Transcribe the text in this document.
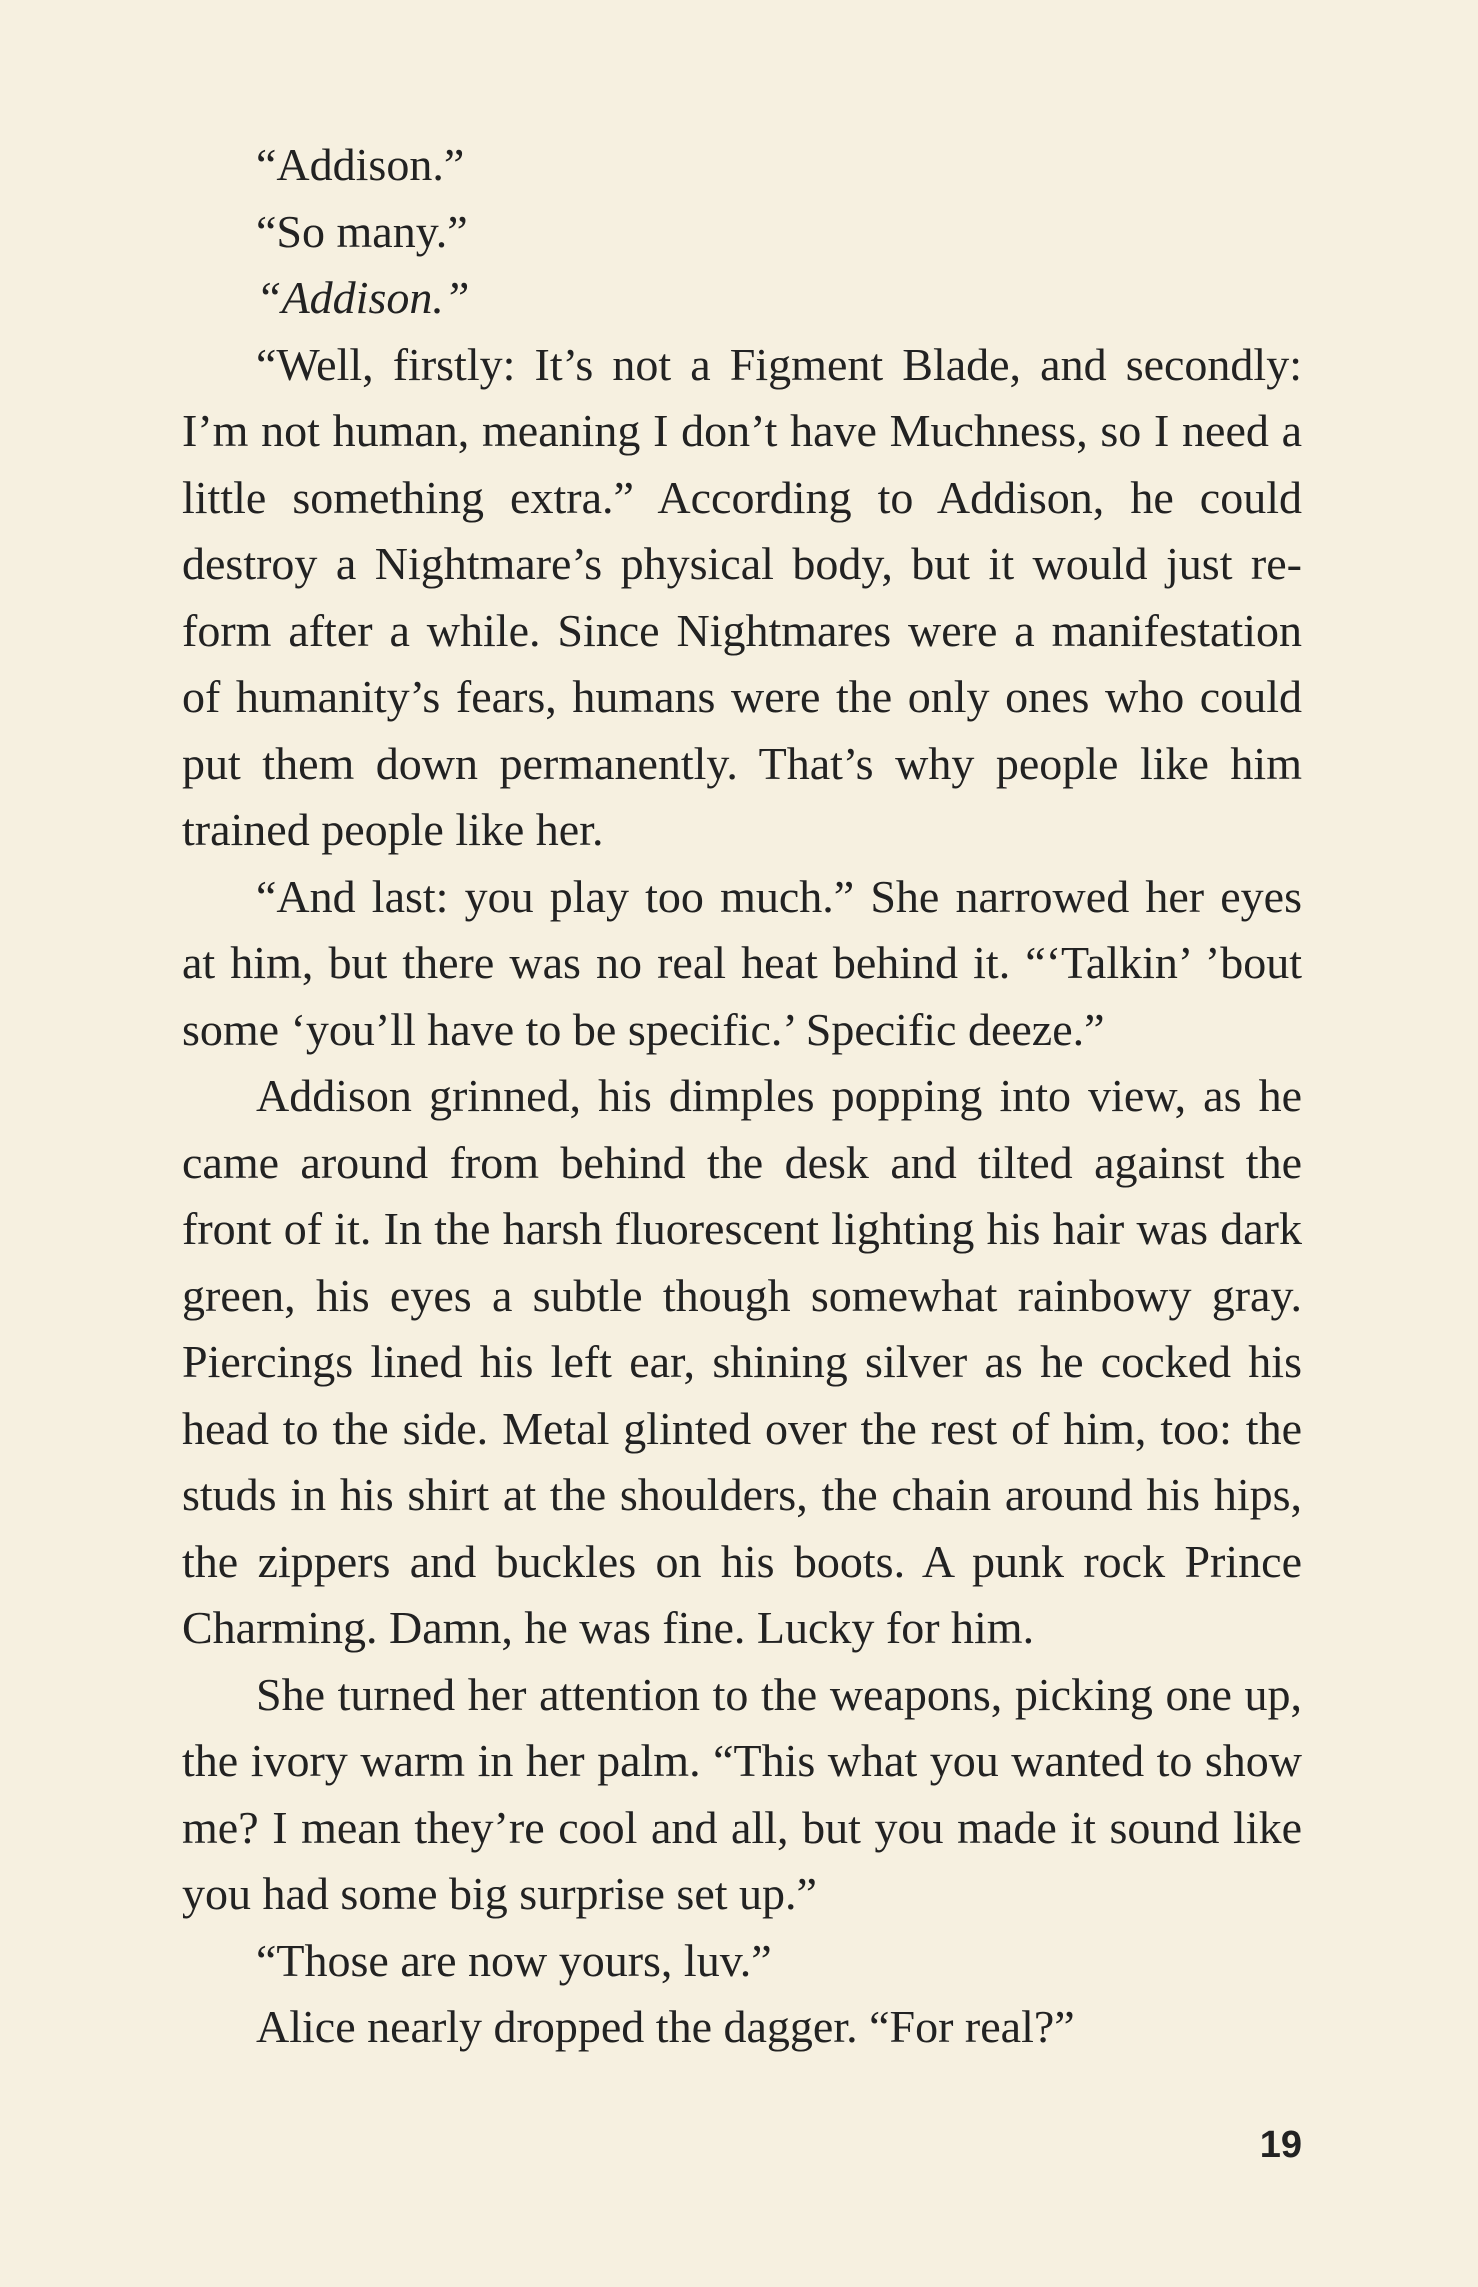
“Addison.”

“So many.”

“Addison.”

“Well, firstly: It’s not a Figment Blade, and secondly: I’m not human, meaning I don’t have Muchness, so I need a little something extra.” According to Addison, he could destroy a Nightmare’s physical body, but it would just re-form after a while. Since Nightmares were a manifestation of humanity’s fears, humans were the only ones who could put them down permanently. That’s why people like him trained people like her.

“And last: you play too much.” She narrowed her eyes at him, but there was no real heat behind it. “‘Talkin’ ’bout some ‘you’ll have to be specific.’ Specific deeze.”

Addison grinned, his dimples popping into view, as he came around from behind the desk and tilted against the front of it. In the harsh fluorescent lighting his hair was dark green, his eyes a subtle though somewhat rainbowy gray. Piercings lined his left ear, shining silver as he cocked his head to the side. Metal glinted over the rest of him, too: the studs in his shirt at the shoulders, the chain around his hips, the zippers and buckles on his boots. A punk rock Prince Charming. Damn, he was fine. Lucky for him.

She turned her attention to the weapons, picking one up, the ivory warm in her palm. “This what you wanted to show me? I mean they’re cool and all, but you made it sound like you had some big surprise set up.”

“Those are now yours, luv.”

Alice nearly dropped the dagger. “For real?”

19
